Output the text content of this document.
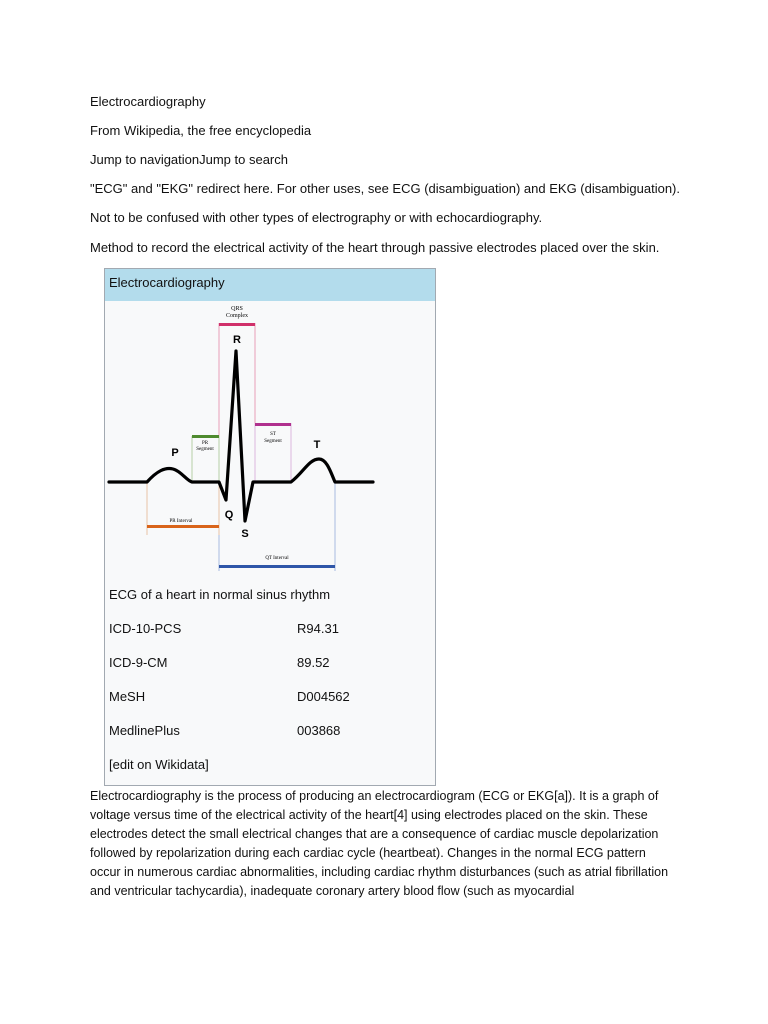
Electrocardiography
From Wikipedia, the free encyclopedia
Jump to navigationJump to search
"ECG" and "EKG" redirect here. For other uses, see ECG (disambiguation) and EKG (disambiguation).
Not to be confused with other types of electrography or with echocardiography.
Method to record the electrical activity of the heart through passive electrodes placed over the skin.
Electrocardiography
QRS
Complex
PR
Segment
ST
Segment
PR Interval
QT Interval
P
Q
R
S
T
ECG of a heart in normal sinus rhythm
ICD-10-PCS	R94.31
ICD-9-CM	89.52
MeSH	D004562
MedlinePlus	003868
[edit on Wikidata]

Electrocardiography is the process of producing an electrocardiogram (ECG or EKG[a]). It is a graph of voltage versus time of the electrical activity of the heart[4] using electrodes placed on the skin. These electrodes detect the small electrical changes that are a consequence of cardiac muscle depolarization followed by repolarization during each cardiac cycle (heartbeat). Changes in the normal ECG pattern occur in numerous cardiac abnormalities, including cardiac rhythm disturbances (such as atrial fibrillation and ventricular tachycardia), inadequate coronary artery blood flow (such as myocardial
